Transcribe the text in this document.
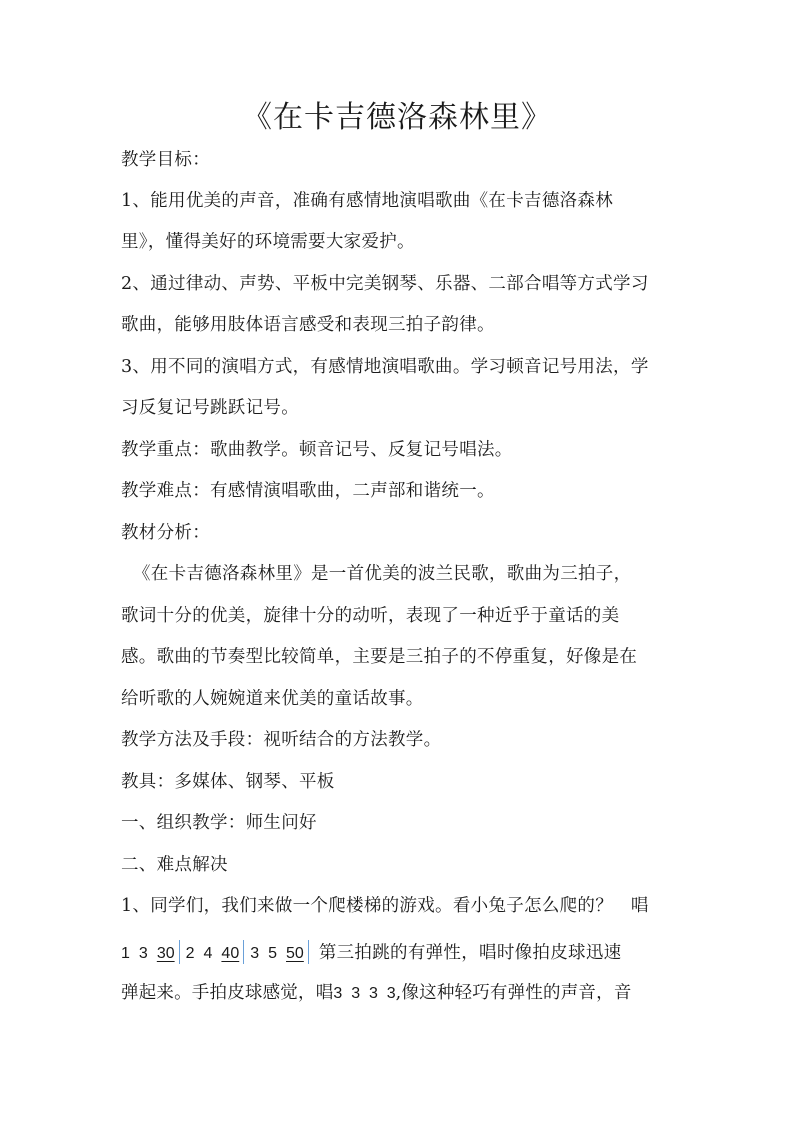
《在卡吉德洛森林里》
教学目标：
1、能用优美的声音，准确有感情地演唱歌曲《在卡吉德洛森林
里》，懂得美好的环境需要大家爱护。
2、通过律动、声势、平板中完美钢琴、乐器、二部合唱等方式学习
歌曲，能够用肢体语言感受和表现三拍子韵律。
3、用不同的演唱方式，有感情地演唱歌曲。学习顿音记号用法，学
习反复记号跳跃记号。
教学重点：歌曲教学。顿音记号、反复记号唱法。
教学难点：有感情演唱歌曲，二声部和谐统一。
教材分析：
《在卡吉德洛森林里》是一首优美的波兰民歌，歌曲为三拍子，
歌词十分的优美，旋律十分的动听，表现了一种近乎于童话的美
感。歌曲的节奏型比较简单，主要是三拍子的不停重复，好像是在
给听歌的人婉婉道来优美的童话故事。
教学方法及手段：视听结合的方法教学。
教具：多媒体、钢琴、平板
一、组织教学：师生问好
二、难点解决
1、同学们，我们来做一个爬楼梯的游戏。看小兔子怎么爬的？　唱
1 3 30 2 4 40 3 5 50 第三拍跳的有弹性，唱时像拍皮球迅速
弹起来。手拍皮球感觉，唱3  3  3  3,像这种轻巧有弹性的声音，音
